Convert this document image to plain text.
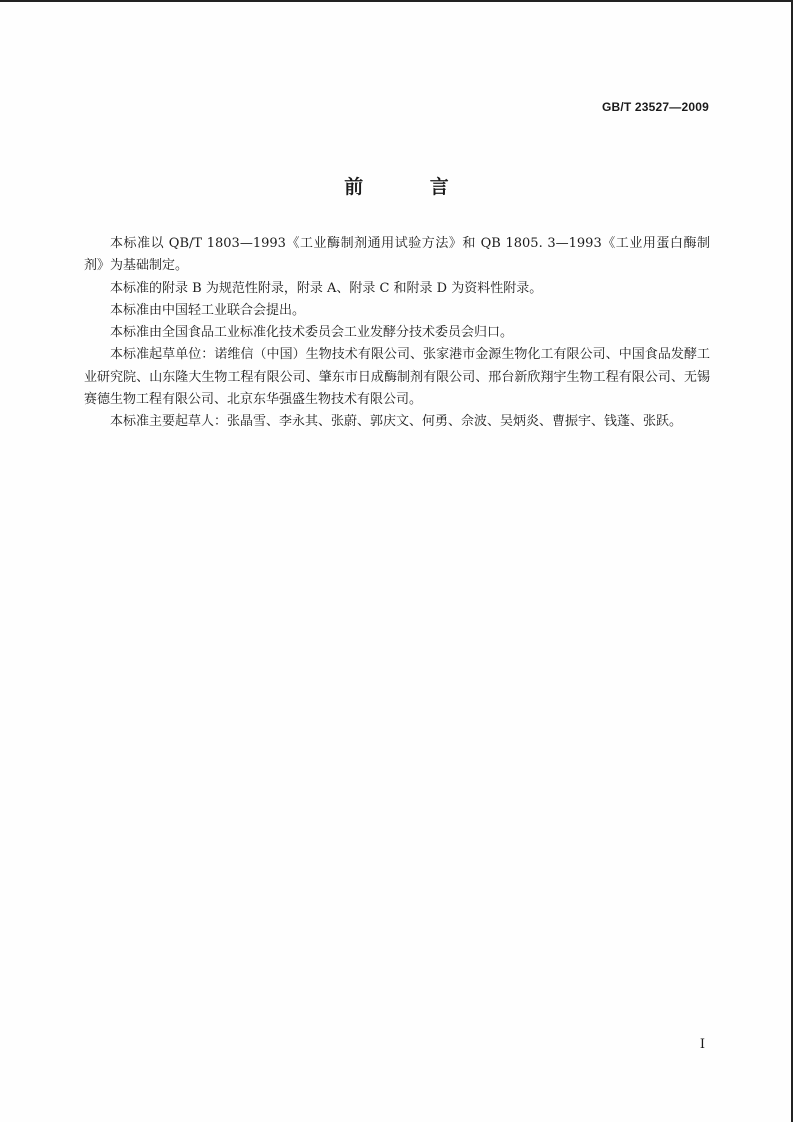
GB/T 23527—2009
前 言

本标准以 QB/T 1803—1993《工业酶制剂通用试验方法》和 QB 1805. 3—1993《工业用蛋白酶制剂》为基础制定。

本标准的附录 B 为规范性附录，附录 A、附录 C 和附录 D 为资料性附录。

本标准由中国轻工业联合会提出。

本标准由全国食品工业标准化技术委员会工业发酵分技术委员会归口。

本标准起草单位：诺维信（中国）生物技术有限公司、张家港市金源生物化工有限公司、中国食品发酵工业研究院、山东隆大生物工程有限公司、肇东市日成酶制剂有限公司、邢台新欣翔宇生物工程有限公司、无锡赛德生物工程有限公司、北京东华强盛生物技术有限公司。

本标准主要起草人：张晶雪、李永其、张蔚、郭庆文、何勇、佘波、吴炳炎、曹振宇、钱蓬、张跃。

I
